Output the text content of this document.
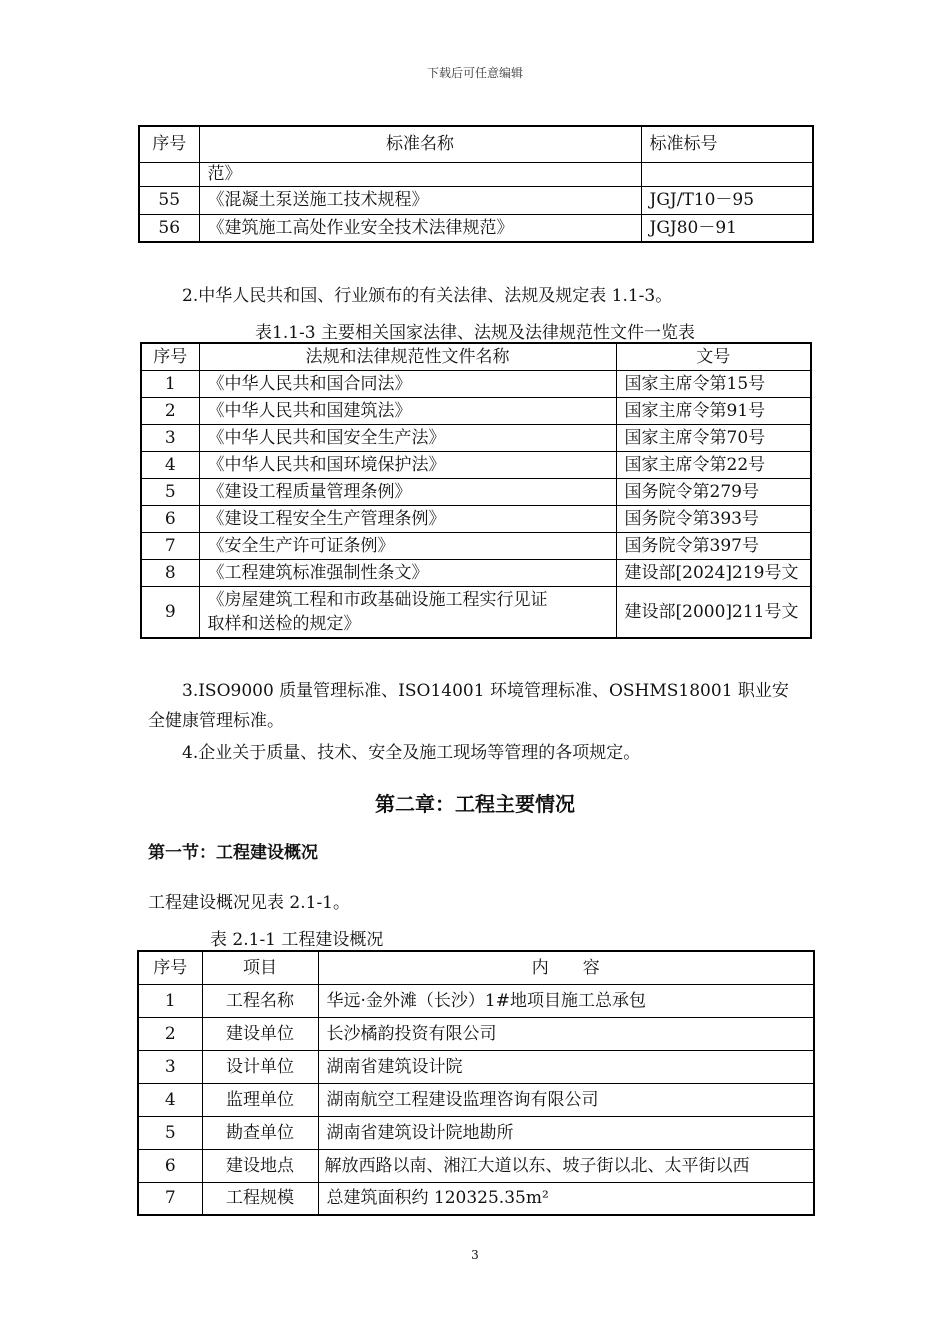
下载后可任意编辑
序号	标准名称	标准标号
	范》	
55	《混凝土泵送施工技术规程》	JGJ/T10－95
56	《建筑施工高处作业安全技术法律规范》	JGJ80－91
2.中华人民共和国、行业颁布的有关法律、法规及规定表 1.1-3。
表1.1-3 主要相关国家法律、法规及法律规范性文件一览表
序号	法规和法律规范性文件名称	文号
1	《中华人民共和国合同法》	国家主席令第15号
2	《中华人民共和国建筑法》	国家主席令第91号
3	《中华人民共和国安全生产法》	国家主席令第70号
4	《中华人民共和国环境保护法》	国家主席令第22号
5	《建设工程质量管理条例》	国务院令第279号
6	《建设工程安全生产管理条例》	国务院令第393号
7	《安全生产许可证条例》	国务院令第397号
8	《工程建筑标准强制性条文》	建设部[2024]219号文
9	《房屋建筑工程和市政基础设施工程实行见证
取样和送检的规定》	建设部[2000]211号文
3.ISO9000 质量管理标准、ISO14001 环境管理标准、OSHMS18001 职业安
全健康管理标准。
4.企业关于质量、技术、安全及施工现场等管理的各项规定。
第二章：工程主要情况
第一节：工程建设概况
工程建设概况见表 2.1-1。
表 2.1-1 工程建设概况
序号	项目	内　　容
1	工程名称	华远·金外滩（长沙）1#地项目施工总承包
2	建设单位	长沙橘韵投资有限公司
3	设计单位	湖南省建筑设计院
4	监理单位	湖南航空工程建设监理咨询有限公司
5	勘查单位	湖南省建筑设计院地勘所
6	建设地点	解放西路以南、湘江大道以东、坡子街以北、太平街以西
7	工程规模	总建筑面积约 120325.35m²
3
